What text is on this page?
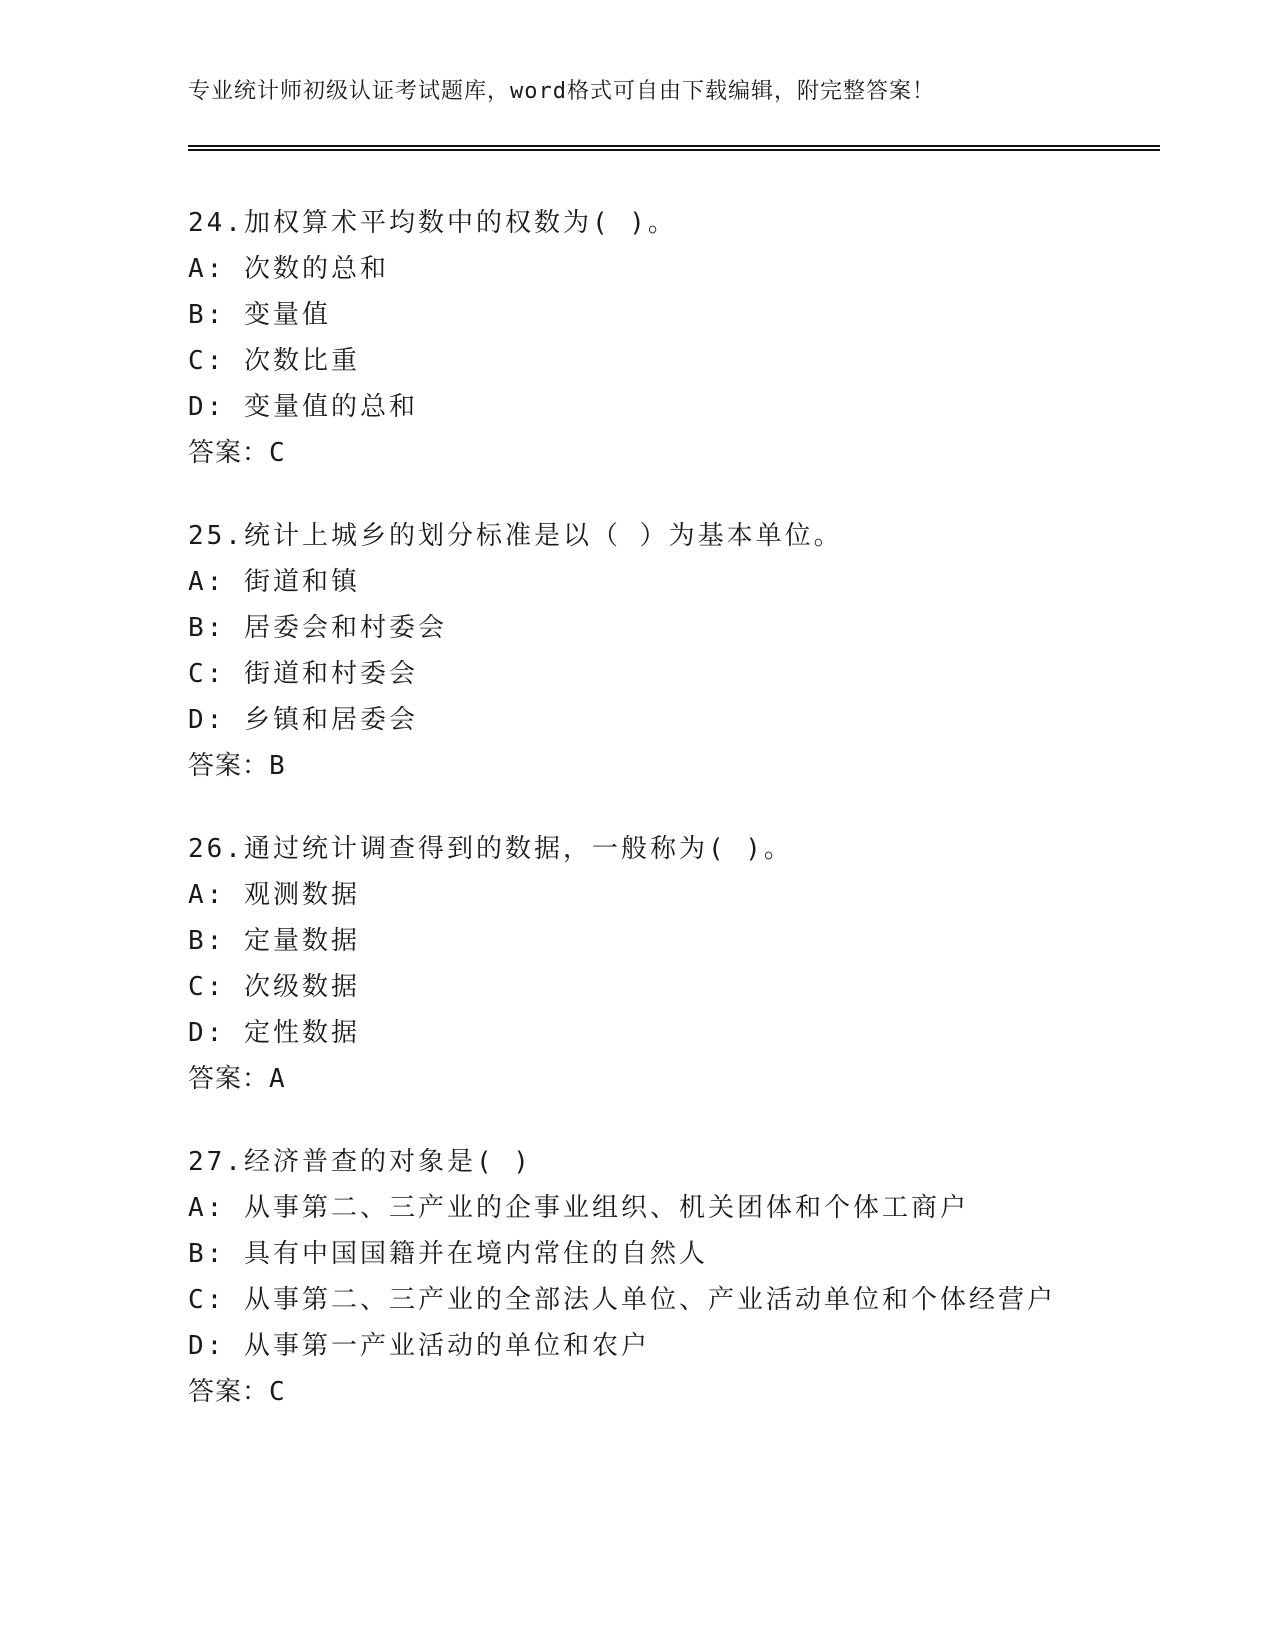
专业统计师初级认证考试题库，word格式可自由下载编辑，附完整答案！
24.加权算术平均数中的权数为( )。
A: 次数的总和
B: 变量值
C: 次数比重
D: 变量值的总和
答案：C
25.统计上城乡的划分标准是以（ ）为基本单位。
A: 街道和镇
B: 居委会和村委会
C: 街道和村委会
D: 乡镇和居委会
答案：B
26.通过统计调查得到的数据，一般称为( )。
A: 观测数据
B: 定量数据
C: 次级数据
D: 定性数据
答案：A
27.经济普查的对象是( )
A: 从事第二、三产业的企事业组织、机关团体和个体工商户
B: 具有中国国籍并在境内常住的自然人
C: 从事第二、三产业的全部法人单位、产业活动单位和个体经营户
D: 从事第一产业活动的单位和农户
答案：C
